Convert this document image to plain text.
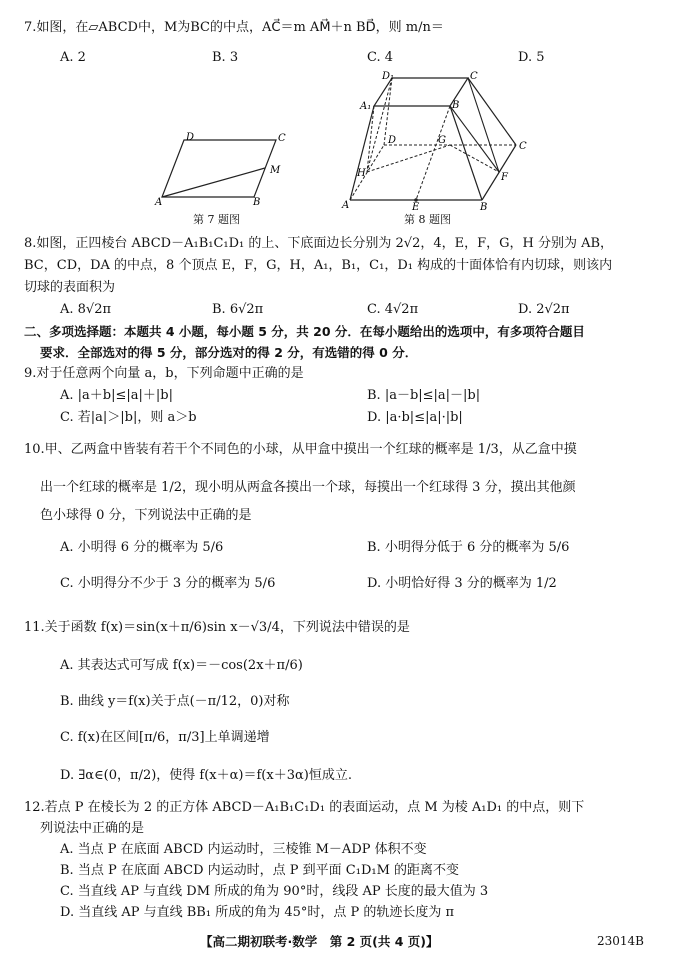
7.如图，在▱ABCD中，M为BC的中点，AC⃗＝m AM⃗＋n BD⃗，则 m/n＝
A. 2	B. 3	C. 4	D. 5
D	C
M
A	B
第 7 题图
D₁	C
A₁	B
D	G
C
H	F
A	E	B
第 8 题图
8.如图，正四棱台 ABCD－A₁B₁C₁D₁ 的上、下底面边长分别为 2√2，4，E，F，G，H 分别为 AB，
BC，CD，DA 的中点，8 个顶点 E，F，G，H，A₁，B₁，C₁，D₁ 构成的十面体恰有内切球，则该内
切球的表面积为
A. 8√2π	B. 6√2π	C. 4√2π	D. 2√2π
二、多项选择题：本题共 4 小题，每小题 5 分，共 20 分．在每小题给出的选项中，有多项符合题目
要求．全部选对的得 5 分，部分选对的得 2 分，有选错的得 0 分．
9.对于任意两个向量 a，b，下列命题中正确的是
A. |a＋b|≤|a|＋|b|	B. |a－b|≤|a|－|b|
C. 若|a|＞|b|，则 a＞b	D. |a·b|≤|a|·|b|
10.甲、乙两盒中皆装有若干个不同色的小球，从甲盒中摸出一个红球的概率是 1/3，从乙盒中摸
出一个红球的概率是 1/2，现小明从两盒各摸出一个球，每摸出一个红球得 3 分，摸出其他颜
色小球得 0 分，下列说法中正确的是
A. 小明得 6 分的概率为 5/6	B. 小明得分低于 6 分的概率为 5/6
C. 小明得分不少于 3 分的概率为 5/6	D. 小明恰好得 3 分的概率为 1/2
11.关于函数 f(x)＝sin(x＋π/6)sin x－√3/4，下列说法中错误的是
A. 其表达式可写成 f(x)＝－cos(2x＋π/6)
B. 曲线 y＝f(x)关于点(－π/12，0)对称
C. f(x)在区间[π/6，π/3]上单调递增
D. ∃α∈(0，π/2)，使得 f(x＋α)＝f(x＋3α)恒成立.
12.若点 P 在棱长为 2 的正方体 ABCD－A₁B₁C₁D₁ 的表面运动，点 M 为棱 A₁D₁ 的中点，则下
列说法中正确的是
A. 当点 P 在底面 ABCD 内运动时，三棱锥 M－ADP 体积不变
B. 当点 P 在底面 ABCD 内运动时，点 P 到平面 C₁D₁M 的距离不变
C. 当直线 AP 与直线 DM 所成的角为 90°时，线段 AP 长度的最大值为 3
D. 当直线 AP 与直线 BB₁ 所成的角为 45°时，点 P 的轨迹长度为 π
【高二期初联考·数学　第 2 页(共 4 页)】	23014B
